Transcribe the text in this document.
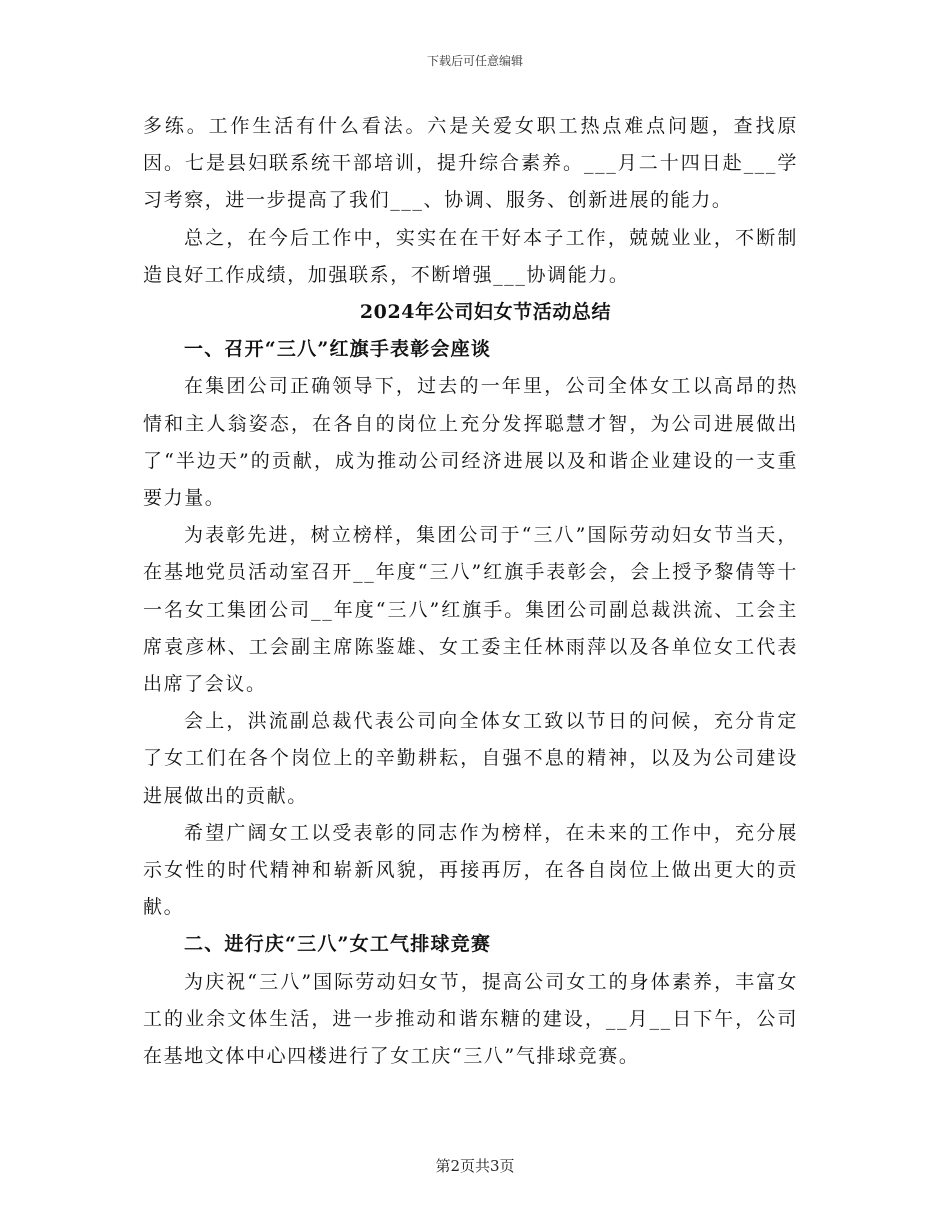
下载后可任意编辑

多练。工作生活有什么看法。六是关爱女职工热点难点问题，查找原因。七是县妇联系统干部培训，提升综合素养。___月二十四日赴___学习考察，进一步提高了我们___、协调、服务、创新进展的能力。

总之，在今后工作中，实实在在干好本子工作，兢兢业业，不断制造良好工作成绩，加强联系，不断增强___协调能力。

2024年公司妇女节活动总结

一、召开“三八”红旗手表彰会座谈

在集团公司正确领导下，过去的一年里，公司全体女工以高昂的热情和主人翁姿态，在各自的岗位上充分发挥聪慧才智，为公司进展做出了“半边天”的贡献，成为推动公司经济进展以及和谐企业建设的一支重要力量。

为表彰先进，树立榜样，集团公司于“三八”国际劳动妇女节当天，在基地党员活动室召开__年度“三八”红旗手表彰会，会上授予黎倩等十一名女工集团公司__年度“三八”红旗手。集团公司副总裁洪流、工会主席袁彦林、工会副主席陈鉴雄、女工委主任林雨萍以及各单位女工代表出席了会议。

会上，洪流副总裁代表公司向全体女工致以节日的问候，充分肯定了女工们在各个岗位上的辛勤耕耘，自强不息的精神，以及为公司建设进展做出的贡献。

希望广阔女工以受表彰的同志作为榜样，在未来的工作中，充分展示女性的时代精神和崭新风貌，再接再厉，在各自岗位上做出更大的贡献。

二、进行庆“三八”女工气排球竞赛

为庆祝“三八”国际劳动妇女节，提高公司女工的身体素养，丰富女工的业余文体生活，进一步推动和谐东糖的建设，__月__日下午，公司在基地文体中心四楼进行了女工庆“三八”气排球竞赛。

第2页共3页
